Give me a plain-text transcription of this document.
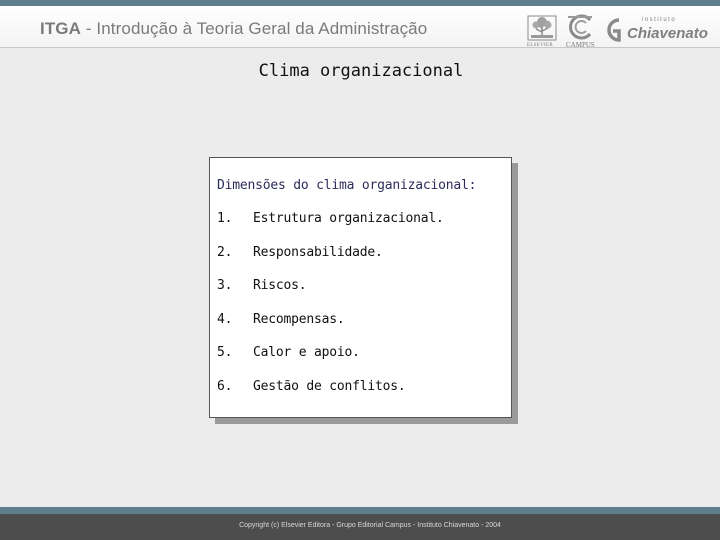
ITGA - Introdução à Teoria Geral da Administração
ELSEVIER CAMPUS
instituto
Chiavenato
Clima organizacional
Dimensões do clima organizacional:
1. Estrutura organizacional.
2. Responsabilidade.
3. Riscos.
4. Recompensas.
5. Calor e apoio.
6. Gestão de conflitos.
Copyright (c) Elsevier Editora - Grupo Editorial Campus - Instituto Chiavenato - 2004
